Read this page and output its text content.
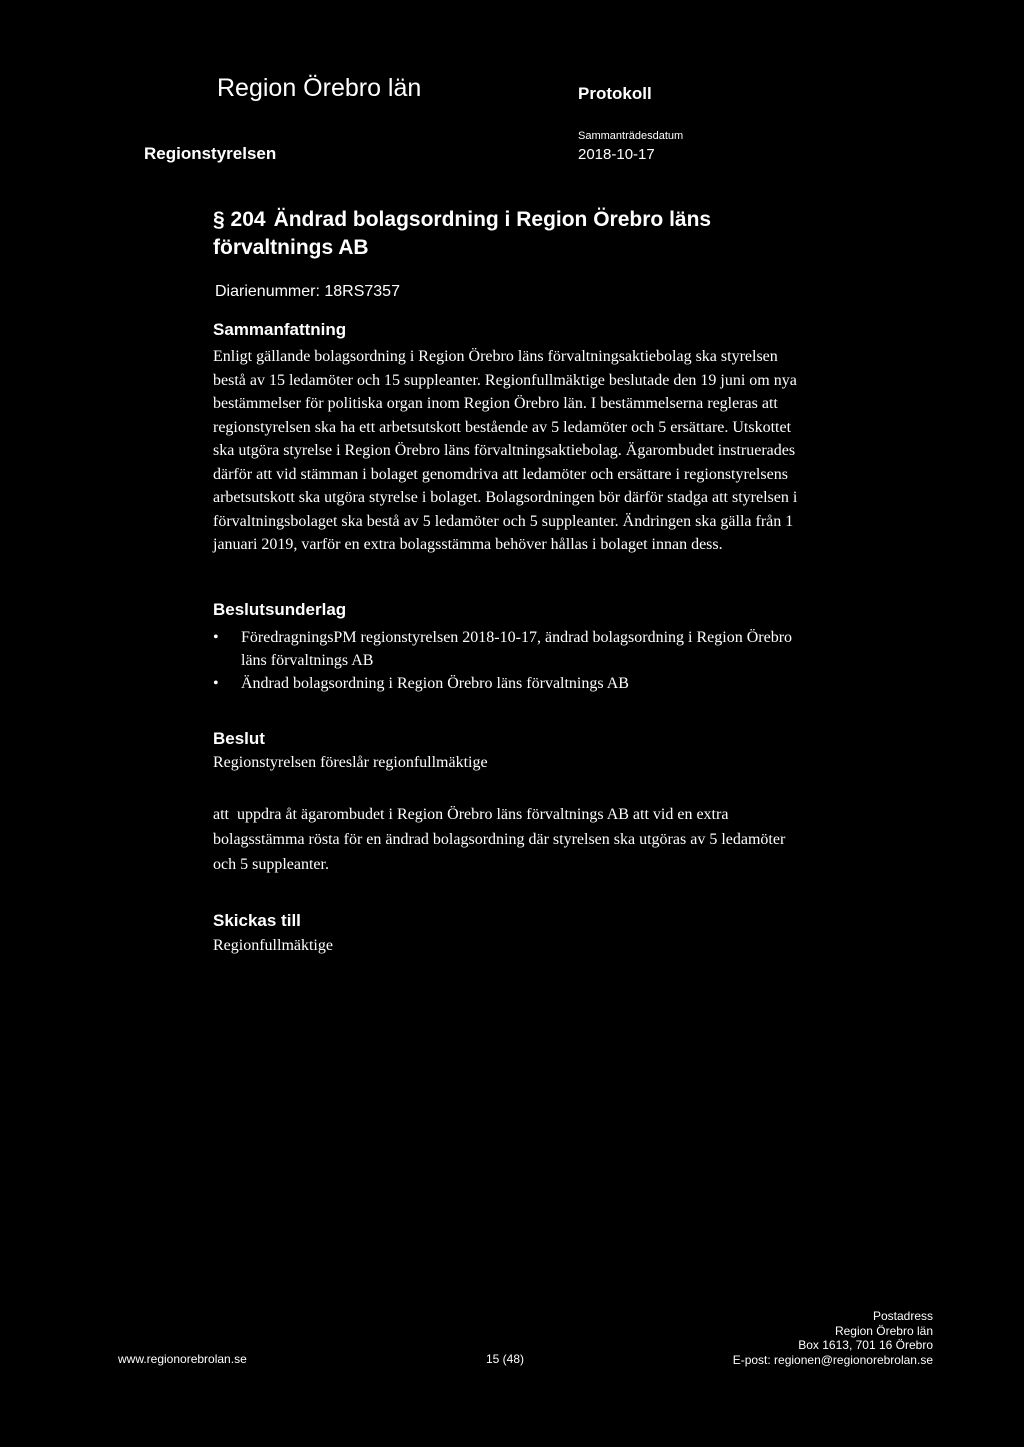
Region Örebro län	Protokoll
Regionstyrelsen
Sammanträdesdatum
2018-10-17
§ 204 Ändrad bolagsordning i Region Örebro läns förvaltnings AB
Diarienummer: 18RS7357
Sammanfattning
Enligt gällande bolagsordning i Region Örebro läns förvaltningsaktiebolag ska styrelsen
bestå av 15 ledamöter och 15 suppleanter. Regionfullmäktige beslutade den 19 juni om nya
bestämmelser för politiska organ inom Region Örebro län. I bestämmelserna regleras att
regionstyrelsen ska ha ett arbetsutskott bestående av 5 ledamöter och 5 ersättare. Utskottet
ska utgöra styrelse i Region Örebro läns förvaltningsaktiebolag. Ägarombudet instruerades
därför att vid stämman i bolaget genomdriva att ledamöter och ersättare i regionstyrelsens
arbetsutskott ska utgöra styrelse i bolaget. Bolagsordningen bör därför stadga att styrelsen i
förvaltningsbolaget ska bestå av 5 ledamöter och 5 suppleanter. Ändringen ska gälla från 1
januari 2019, varför en extra bolagsstämma behöver hållas i bolaget innan dess.
Beslutsunderlag
• FöredragningsPM regionstyrelsen 2018-10-17, ändrad bolagsordning i Region Örebro
läns förvaltnings AB
• Ändrad bolagsordning i Region Örebro läns förvaltnings AB
Beslut
Regionstyrelsen föreslår regionfullmäktige
att uppdra åt ägarombudet i Region Örebro läns förvaltnings AB att vid en extra
bolagsstämma rösta för en ändrad bolagsordning där styrelsen ska utgöras av 5 ledamöter
och 5 suppleanter.
Skickas till
Regionfullmäktige
www.regionorebrolan.se	15 (48)
Postadress
Region Örebro län
Box 1613, 701 16 Örebro
E-post: regionen@regionorebrolan.se
